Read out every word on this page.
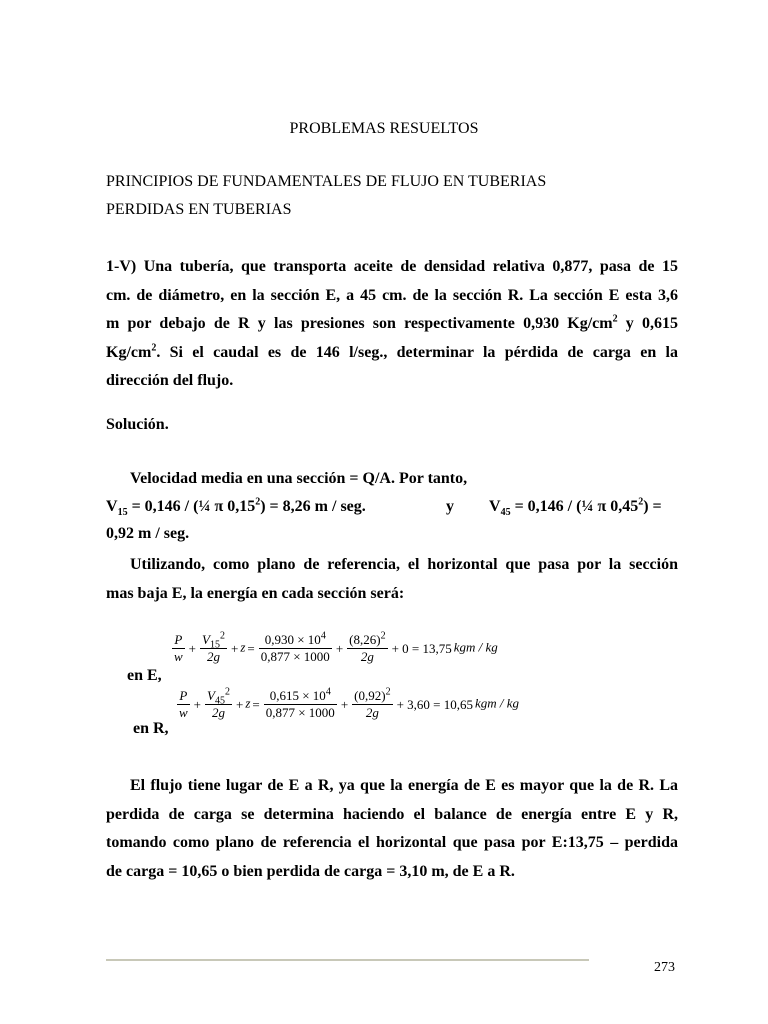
PROBLEMAS RESUELTOS
PRINCIPIOS DE FUNDAMENTALES DE FLUJO EN TUBERIAS
PERDIDAS EN TUBERIAS
1-V) Una tubería, que transporta aceite de densidad relativa 0,877, pasa de 15
cm. de diámetro, en la sección E, a 45 cm. de la sección R. La sección E esta 3,6
m por debajo de R y las presiones son respectivamente 0,930 $Kg/cm^2$ y 0,615
$Kg/cm^2$. Si el caudal es de 146 l/seg., determinar la pérdida de carga en la
dirección del flujo.
Solución.
Velocidad media en una sección = Q/A. Por tanto,
$V_{15} = 0,146$ / (¼ π $0,15^2) = 8,26$ m / seg.	y $V_{45} = 0,146$ / (¼ π $0,45^2$) =
0,92 m / seg.
Utilizando, como plano de referencia, el horizontal que pasa por la sección
mas baja E, la energía en cada sección será:
en E,
$\frac{P}{w} + \frac{V_{15}^2}{2g} + z = \frac{0,930 \times 10^4}{0,877 \times 1000} + \frac{(8,26)^2}{2g} + 0 = 13,75$ kgm / kg
en R,
$\frac{P}{w} + \frac{V_{45}^2}{2g} + z = \frac{0,615 \times 10^4}{0,877 \times 1000} + \frac{(0,92)^2}{2g} + 3,60 = 10,65$ kgm / kg
El flujo tiene lugar de E a R, ya que la energía de E es mayor que la de R. La
perdida de carga se determina haciendo el balance de energía entre E y R,
tomando como plano de referencia el horizontal que pasa por E:13,75 – perdida
de carga = 10,65 o bien perdida de carga = 3,10 m, de E a R.
273
